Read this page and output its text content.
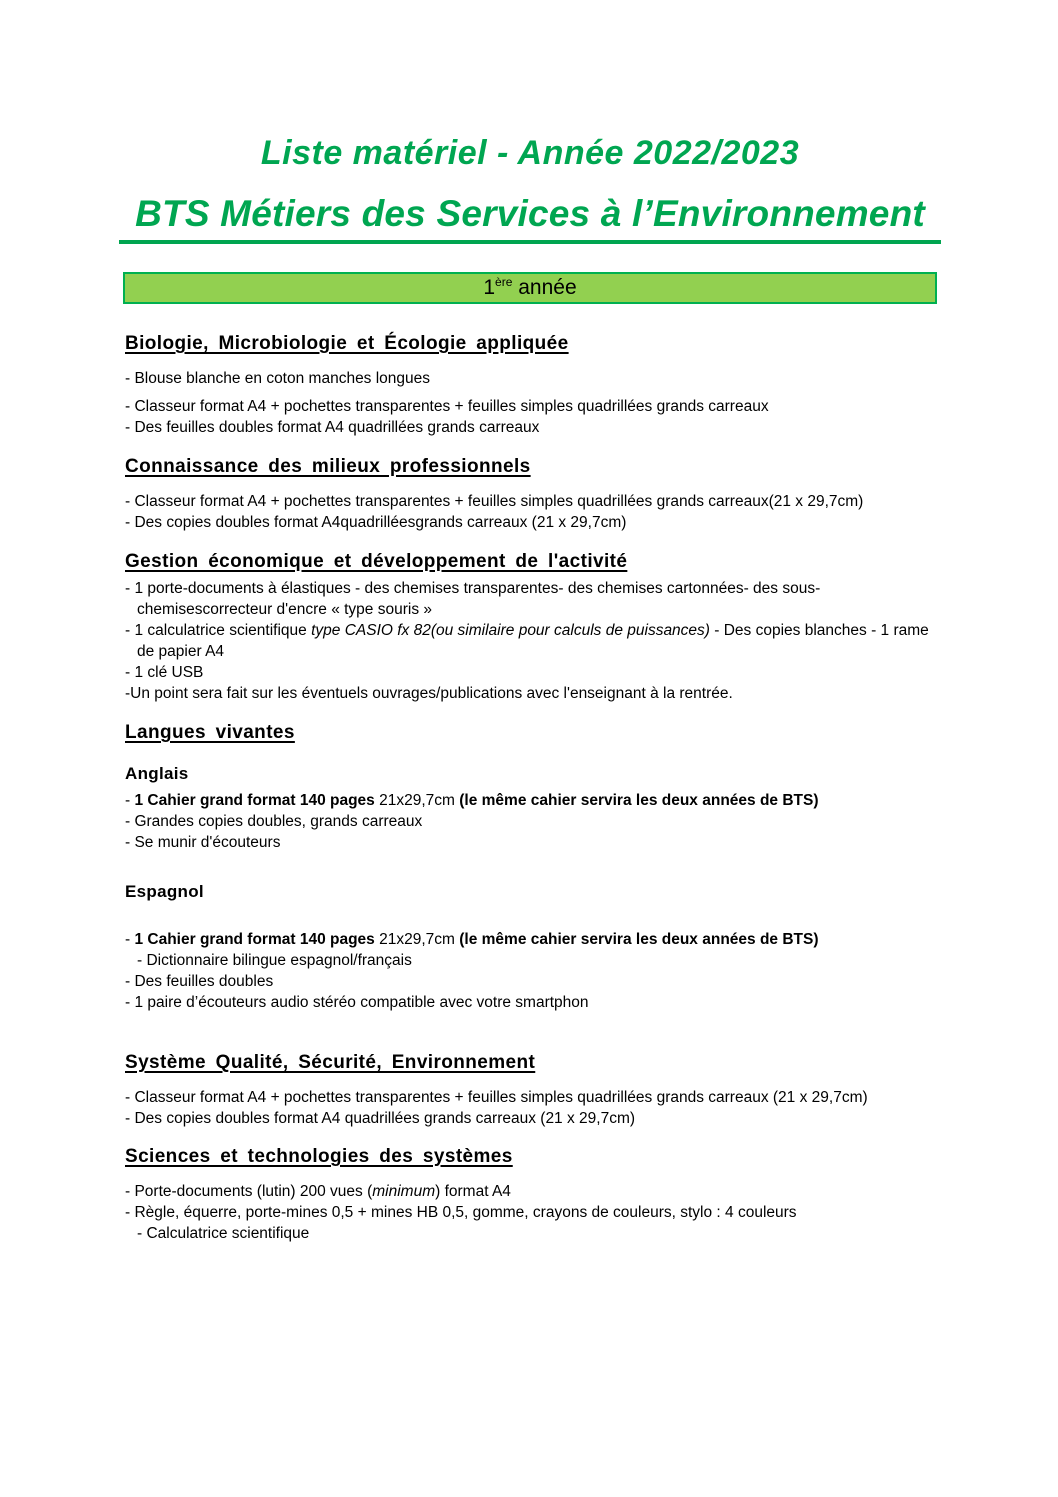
Liste matériel - Année 2022/2023
BTS Métiers des Services à l’Environnement
1ère année
Biologie, Microbiologie et Écologie appliquée
- Blouse blanche en coton manches longues
- Classeur format A4 + pochettes transparentes + feuilles simples quadrillées grands carreaux
- Des feuilles doubles format A4 quadrillées grands carreaux
Connaissance des milieux professionnels
- Classeur format A4 + pochettes transparentes + feuilles simples quadrillées grands carreaux(21 x 29,7cm)
- Des copies doubles format A4quadrilléesgrands carreaux (21 x 29,7cm)
Gestion économique et développement de l'activité
- 1 porte-documents à élastiques - des chemises transparentes- des chemises cartonnées- des sous-chemisescorrecteur d'encre « type souris »
- 1 calculatrice scientifique type CASIO fx 82(ou similaire pour calculs de puissances) - Des copies blanches - 1 rame de papier A4
- 1 clé USB
-Un point sera fait sur les éventuels ouvrages/publications avec l'enseignant à la rentrée.
Langues vivantes
Anglais
- 1 Cahier grand format 140 pages 21x29,7cm (le même cahier servira les deux années de BTS)
- Grandes copies doubles, grands carreaux
- Se munir d'écouteurs
Espagnol
- 1 Cahier grand format 140 pages 21x29,7cm (le même cahier servira les deux années de BTS)
- Dictionnaire bilingue espagnol/français
- Des feuilles doubles
- 1 paire d’écouteurs audio stéréo compatible avec votre smartphon
Système Qualité, Sécurité, Environnement
- Classeur format A4 + pochettes transparentes + feuilles simples quadrillées grands carreaux (21 x 29,7cm)
- Des copies doubles format A4 quadrillées grands carreaux (21 x 29,7cm)
Sciences et technologies des systèmes
- Porte-documents (lutin) 200 vues (minimum) format A4
- Règle, équerre, porte-mines 0,5 + mines HB 0,5, gomme, crayons de couleurs, stylo : 4 couleurs
- Calculatrice scientifique
